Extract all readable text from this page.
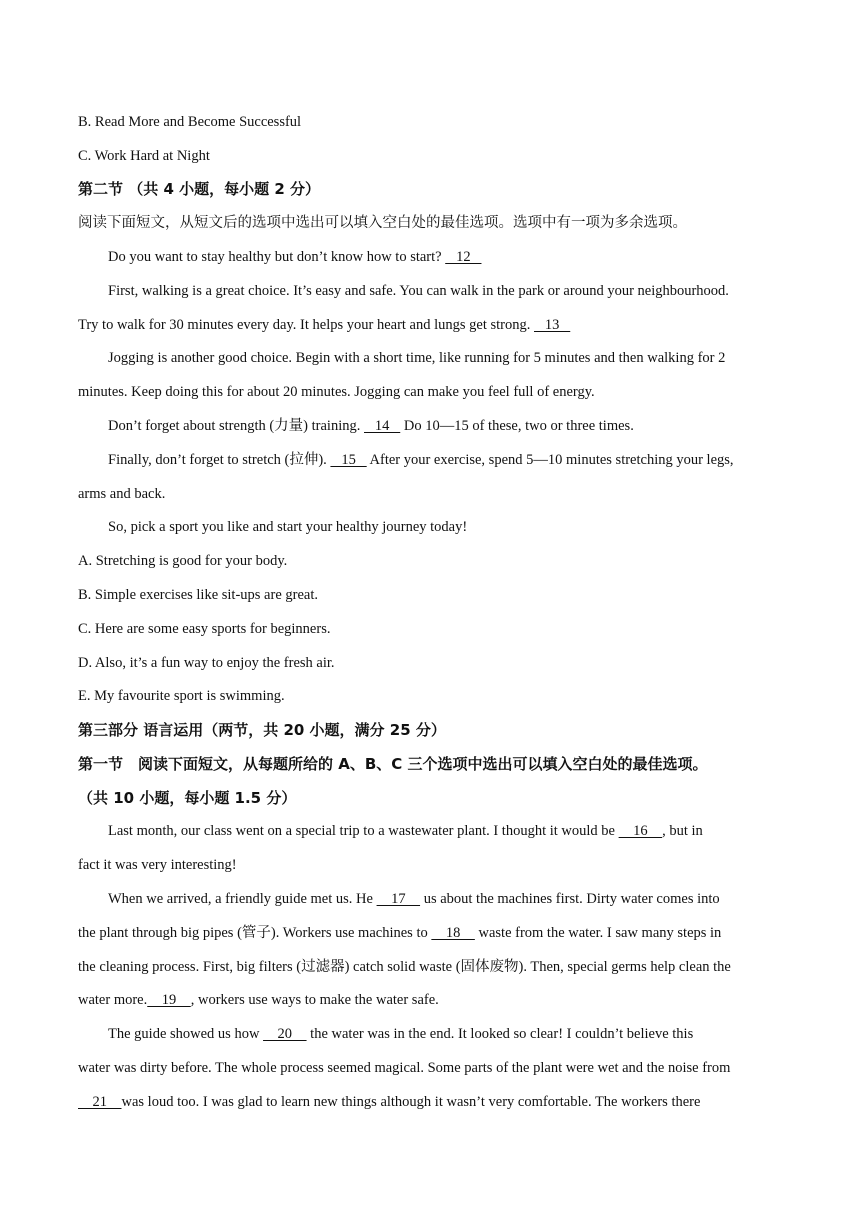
B. Read More and Become Successful
C. Work Hard at Night
第二节 （共 4 小题，每小题 2 分）
阅读下面短文，从短文后的选项中选出可以填入空白处的最佳选项。选项中有一项为多余选项。
Do you want to stay healthy but don’t know how to start?    12
First, walking is a great choice. It’s easy and safe. You can walk in the park or around your neighbourhood.
Try to walk for 30 minutes every day. It helps your heart and lungs get strong.    13
Jogging is another good choice. Begin with a short time, like running for 5 minutes and then walking for 2
minutes. Keep doing this for about 20 minutes. Jogging can make you feel full of energy.
Don’t forget about strength (力量) training.    14    Do 10—15 of these, two or three times.
Finally, don’t forget to stretch (拉伸).    15    After your exercise, spend 5—10 minutes stretching your legs,
arms and back.
So, pick a sport you like and start your healthy journey today!
A. Stretching is good for your body.
B. Simple exercises like sit-ups are great.
C. Here are some easy sports for beginners.
D. Also, it’s a fun way to enjoy the fresh air.
E. My favourite sport is swimming.
第三部分 语言运用（两节，共 20 小题，满分 25 分）
第一节　阅读下面短文，从每题所给的 A、B、C 三个选项中选出可以填入空白处的最佳选项。
（共 10 小题，每小题 1.5 分）
Last month, our class went on a special trip to a wastewater plant. I thought it would be     16    , but in
fact it was very interesting!
When we arrived, a friendly guide met us. He     17     us about the machines first. Dirty water comes into
the plant through big pipes (管子). Workers use machines to     18     waste from the water. I saw many steps in
the cleaning process. First, big filters (过滤器) catch solid waste (固体废物). Then, special germs help clean the
water more.    19    , workers use ways to make the water safe.
The guide showed us how     20     the water was in the end. It looked so clear! I couldn’t believe this
water was dirty before. The whole process seemed magical. Some parts of the plant were wet and the noise from
21    was loud too. I was glad to learn new things although it wasn’t very comfortable. The workers there
